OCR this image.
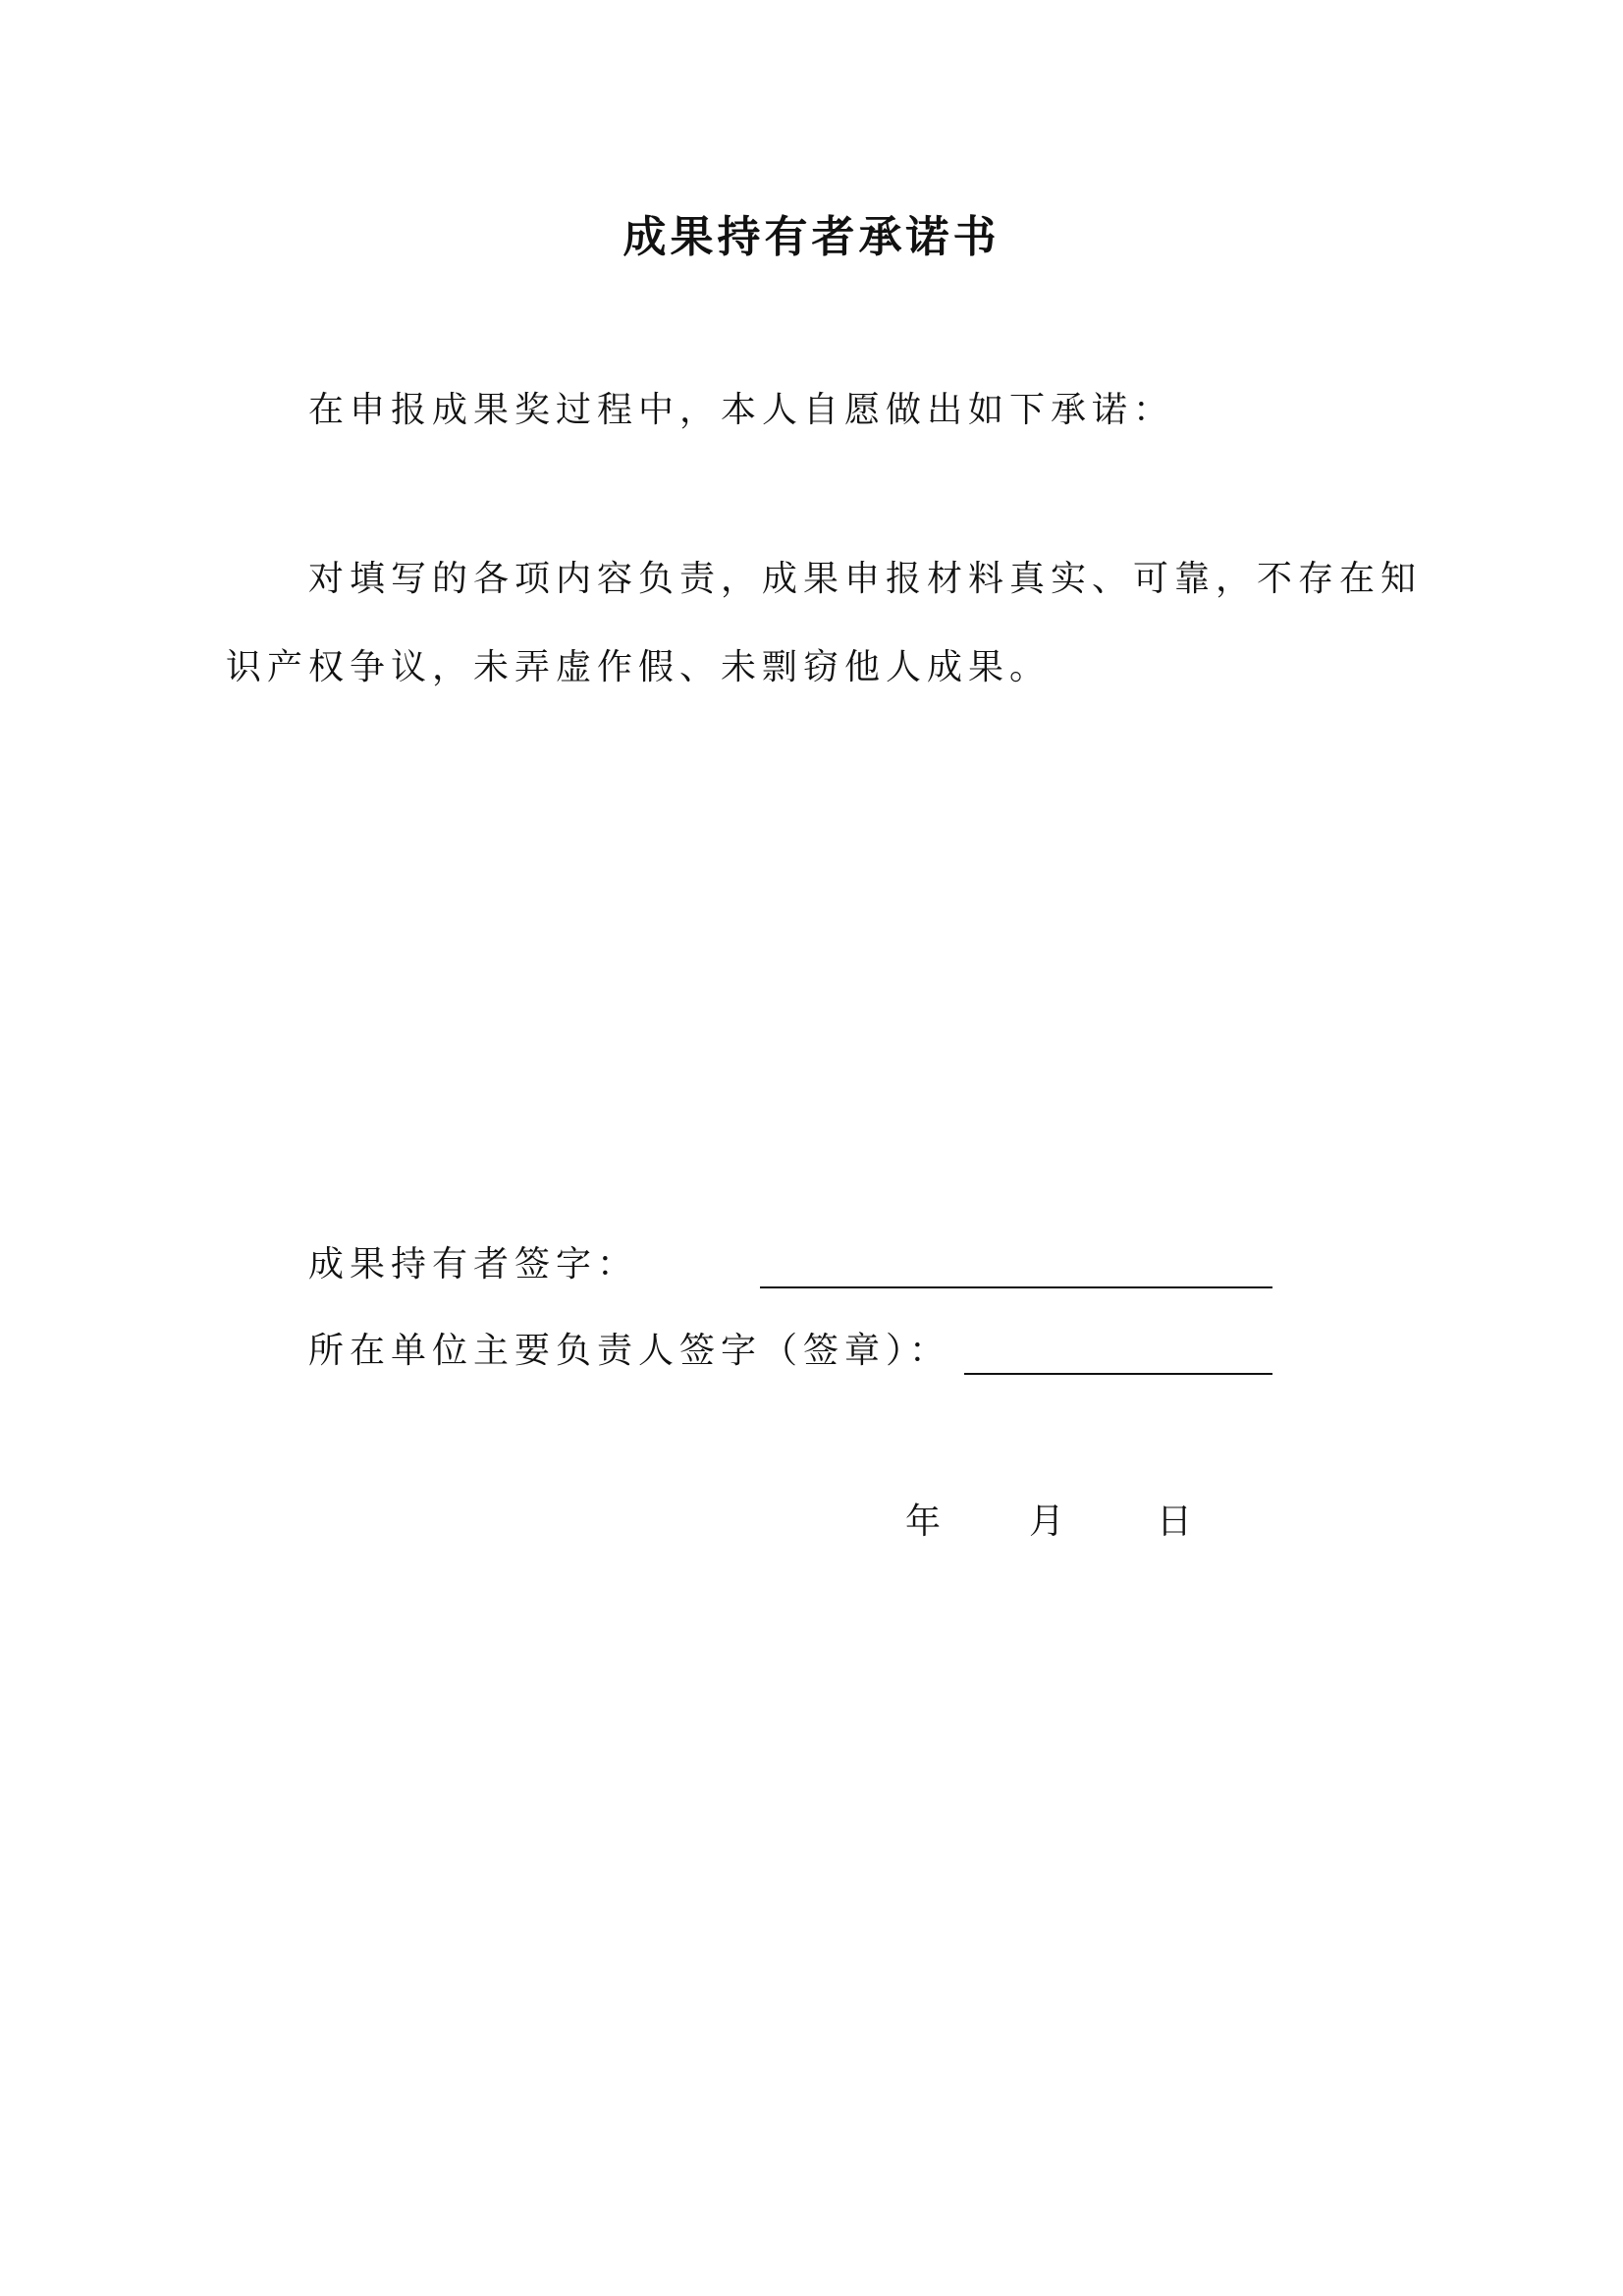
成果持有者承诺书
在申报成果奖过程中，本人自愿做出如下承诺：
对填写的各项内容负责，成果申报材料真实、可靠，不存在知
识产权争议，未弄虚作假、未剽窃他人成果。
成果持有者签字：
所在单位主要负责人签字（签章）：
年 月	日
